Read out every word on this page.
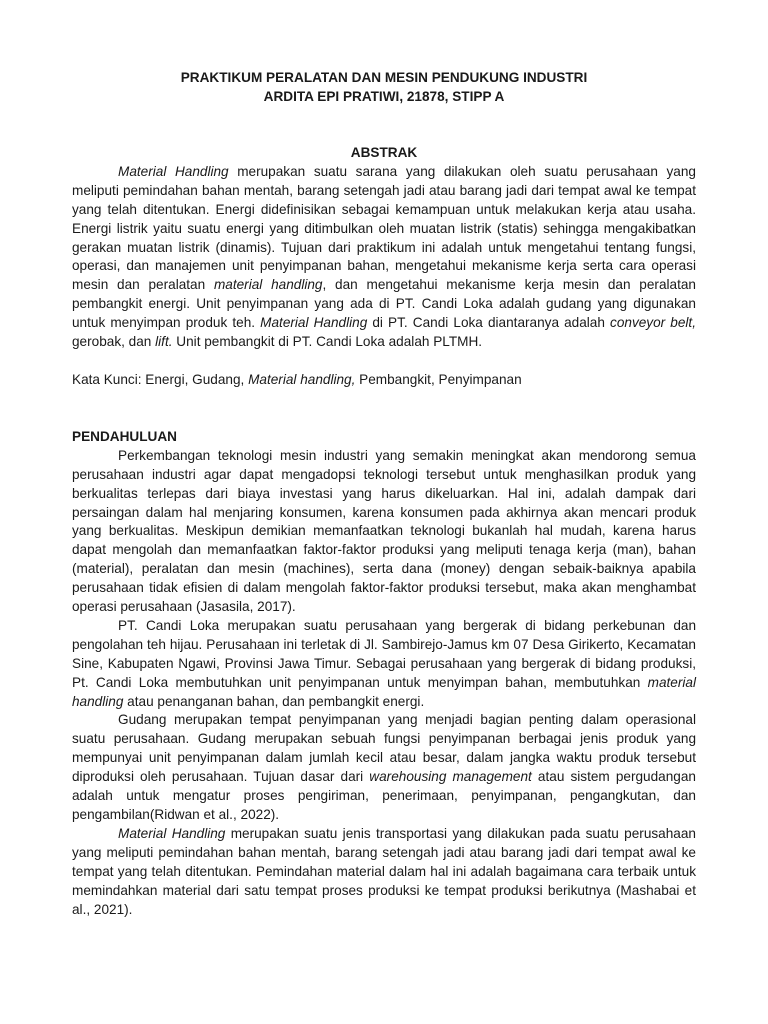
PRAKTIKUM PERALATAN DAN MESIN PENDUKUNG INDUSTRI

ARDITA EPI PRATIWI, 21878, STIPP A

ABSTRAK

Material Handling merupakan suatu sarana yang dilakukan oleh suatu perusahaan yang meliputi pemindahan bahan mentah, barang setengah jadi atau barang jadi dari tempat awal ke tempat yang telah ditentukan. Energi didefinisikan sebagai kemampuan untuk melakukan kerja atau usaha. Energi listrik yaitu suatu energi yang ditimbulkan oleh muatan listrik (statis) sehingga mengakibatkan gerakan muatan listrik (dinamis). Tujuan dari praktikum ini adalah untuk mengetahui tentang fungsi, operasi, dan manajemen unit penyimpanan bahan, mengetahui mekanisme kerja serta cara operasi mesin dan peralatan material handling, dan mengetahui mekanisme kerja mesin dan peralatan pembangkit energi. Unit penyimpanan yang ada di PT. Candi Loka adalah gudang yang digunakan untuk menyimpan produk teh. Material Handling di PT. Candi Loka diantaranya adalah conveyor belt, gerobak, dan lift. Unit pembangkit di PT. Candi Loka adalah PLTMH.

Kata Kunci: Energi, Gudang, Material handling, Pembangkit, Penyimpanan

PENDAHULUAN

Perkembangan teknologi mesin industri yang semakin meningkat akan mendorong semua perusahaan industri agar dapat mengadopsi teknologi tersebut untuk menghasilkan produk yang berkualitas terlepas dari biaya investasi yang harus dikeluarkan. Hal ini, adalah dampak dari persaingan dalam hal menjaring konsumen, karena konsumen pada akhirnya akan mencari produk yang berkualitas. Meskipun demikian memanfaatkan teknologi bukanlah hal mudah, karena harus dapat mengolah dan memanfaatkan faktor-faktor produksi yang meliputi tenaga kerja (man), bahan (material), peralatan dan mesin (machines), serta dana (money) dengan sebaik-baiknya apabila perusahaan tidak efisien di dalam mengolah faktor-faktor produksi tersebut, maka akan menghambat operasi perusahaan (Jasasila, 2017).

PT. Candi Loka merupakan suatu perusahaan yang bergerak di bidang perkebunan dan pengolahan teh hijau. Perusahaan ini terletak di Jl. Sambirejo-Jamus km 07 Desa Girikerto, Kecamatan Sine, Kabupaten Ngawi, Provinsi Jawa Timur. Sebagai perusahaan yang bergerak di bidang produksi, Pt. Candi Loka membutuhkan unit penyimpanan untuk menyimpan bahan, membutuhkan material handling atau penanganan bahan, dan pembangkit energi.

Gudang merupakan tempat penyimpanan yang menjadi bagian penting dalam operasional suatu perusahaan. Gudang merupakan sebuah fungsi penyimpanan berbagai jenis produk yang mempunyai unit penyimpanan dalam jumlah kecil atau besar, dalam jangka waktu produk tersebut diproduksi oleh perusahaan. Tujuan dasar dari warehousing management atau sistem pergudangan adalah untuk mengatur proses pengiriman, penerimaan, penyimpanan, pengangkutan, dan pengambilan(Ridwan et al., 2022).

Material Handling merupakan suatu jenis transportasi yang dilakukan pada suatu perusahaan yang meliputi pemindahan bahan mentah, barang setengah jadi atau barang jadi dari tempat awal ke tempat yang telah ditentukan. Pemindahan material dalam hal ini adalah bagaimana cara terbaik untuk memindahkan material dari satu tempat proses produksi ke tempat produksi berikutnya (Mashabai et al., 2021).
